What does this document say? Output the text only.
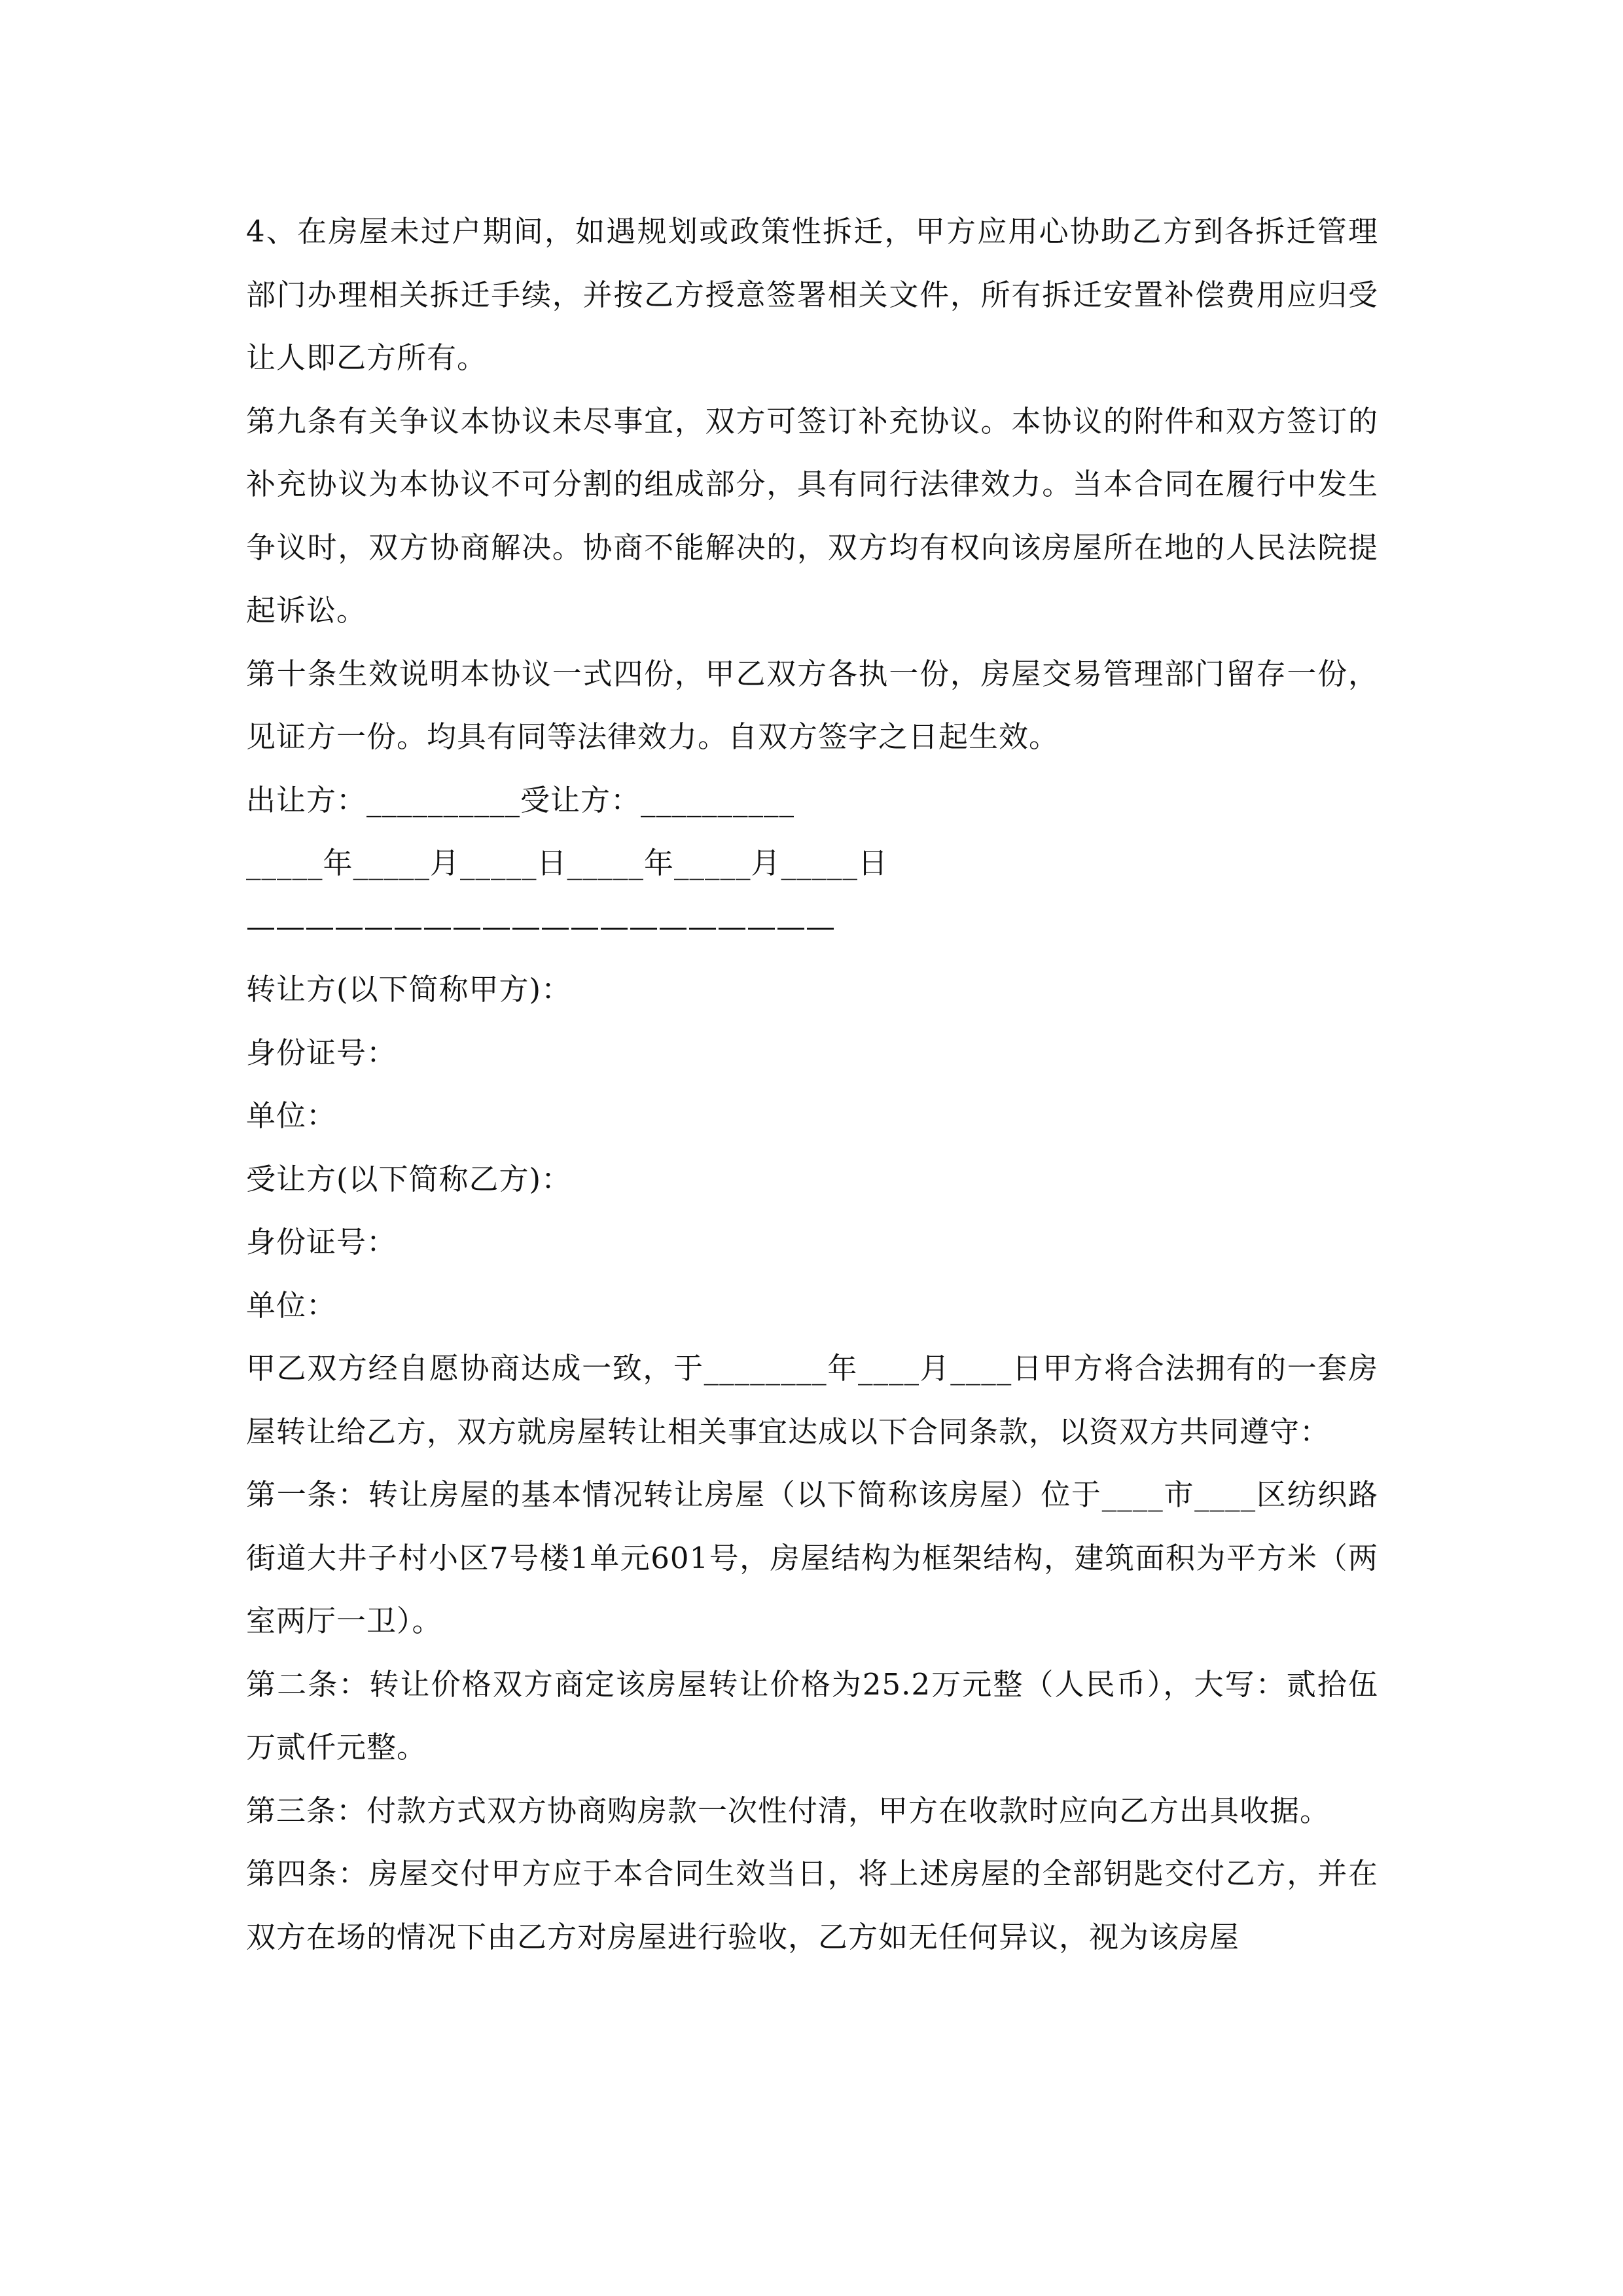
4、在房屋未过户期间，如遇规划或政策性拆迁，甲方应用心协助乙方到各拆迁管理部门办理相关拆迁手续，并按乙方授意签署相关文件，所有拆迁安置补偿费用应归受让人即乙方所有。

第九条有关争议本协议未尽事宜，双方可签订补充协议。本协议的附件和双方签订的补充协议为本协议不可分割的组成部分，具有同行法律效力。当本合同在履行中发生争议时，双方协商解决。协商不能解决的，双方均有权向该房屋所在地的人民法院提起诉讼。

第十条生效说明本协议一式四份，甲乙双方各执一份，房屋交易管理部门留存一份，见证方一份。均具有同等法律效力。自双方签字之日起生效。

出让方：__________受让方：__________
_____年_____月_____日_____年_____月_____日
————————————————————
转让方(以下简称甲方)：
身份证号：
单位：
受让方(以下简称乙方)：
身份证号：
单位：

甲乙双方经自愿协商达成一致，于________年____月____日甲方将合法拥有的一套房屋转让给乙方，双方就房屋转让相关事宜达成以下合同条款，以资双方共同遵守：

第一条：转让房屋的基本情况转让房屋（以下简称该房屋）位于____市____区纺织路街道大井子村小区7号楼1单元601号，房屋结构为框架结构，建筑面积为平方米（两室两厅一卫）。

第二条：转让价格双方商定该房屋转让价格为25.2万元整（人民币），大写：贰拾伍万贰仟元整。

第三条：付款方式双方协商购房款一次性付清，甲方在收款时应向乙方出具收据。

第四条：房屋交付甲方应于本合同生效当日，将上述房屋的全部钥匙交付乙方，并在双方在场的情况下由乙方对房屋进行验收，乙方如无任何异议，视为该房屋
